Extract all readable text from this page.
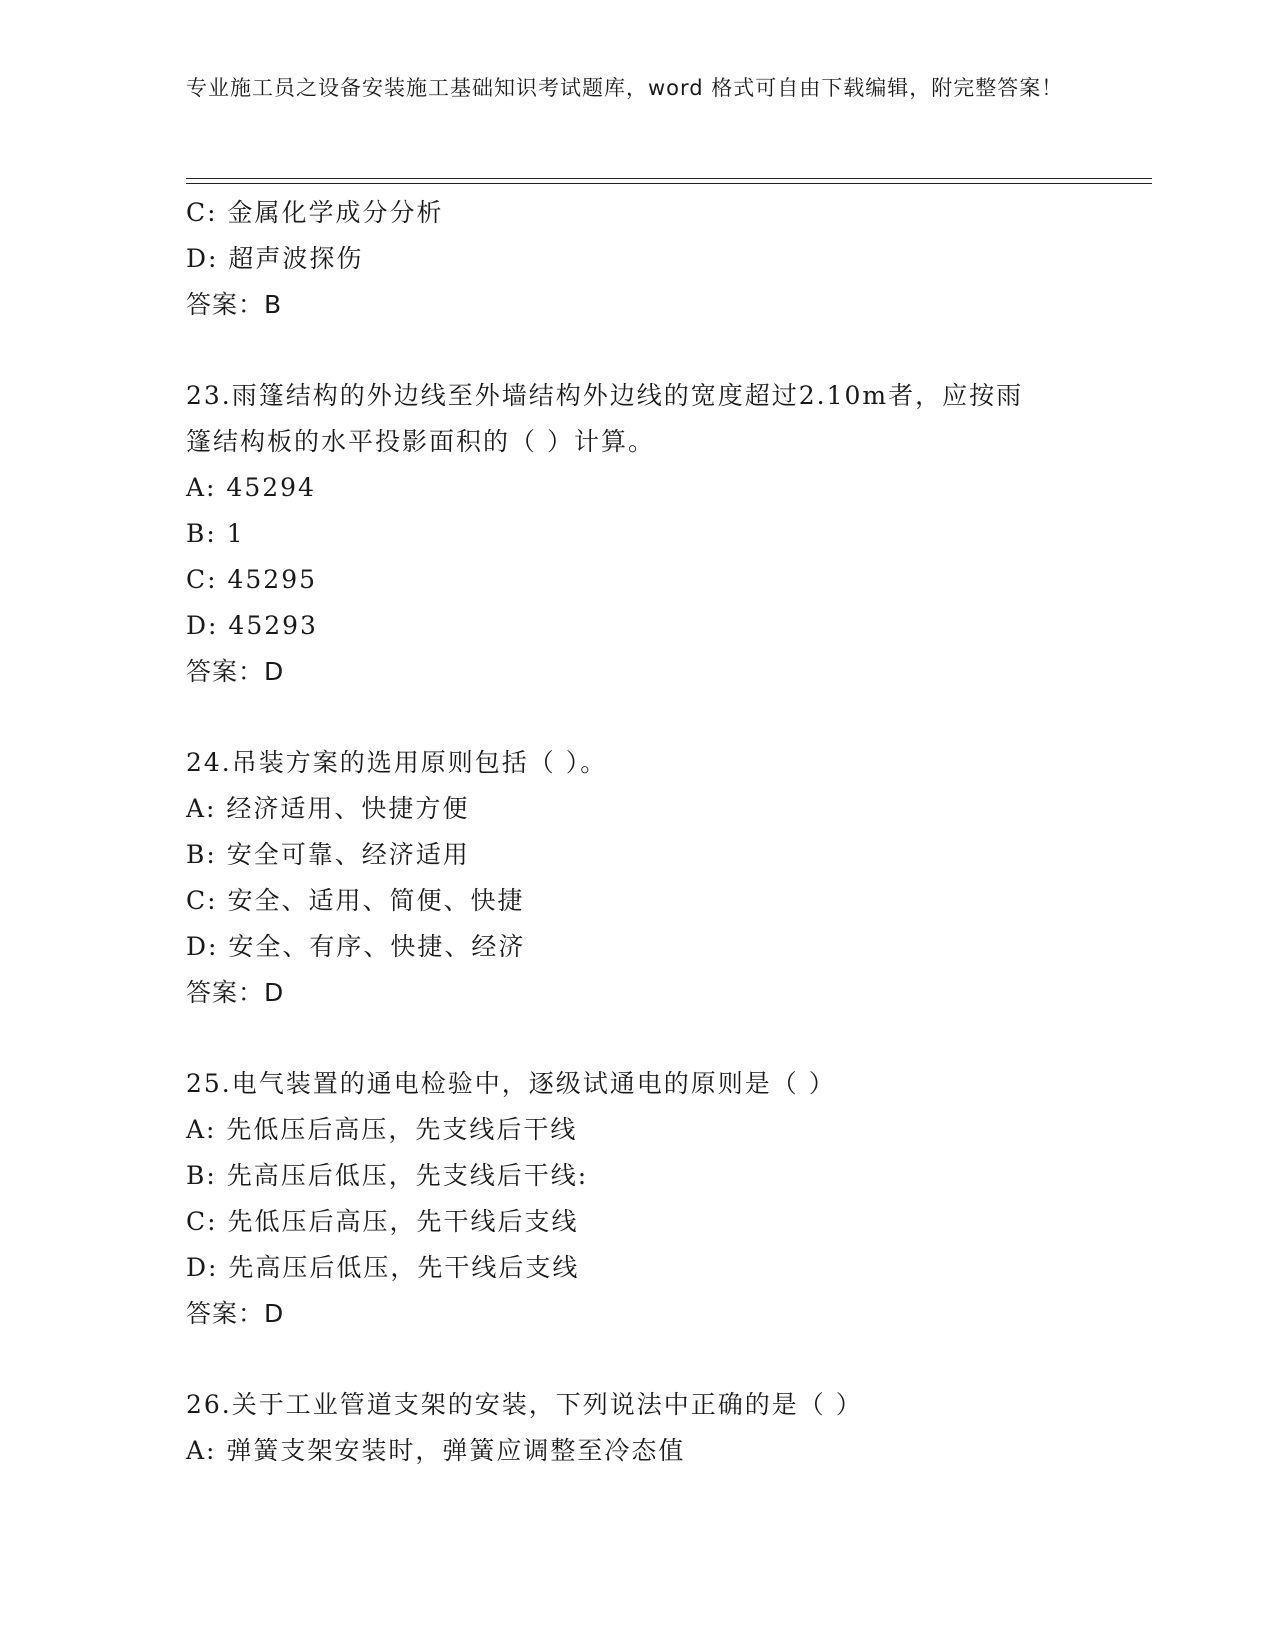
专业施工员之设备安装施工基础知识考试题库，word 格式可自由下载编辑，附完整答案！
C: 金属化学成分分析
D: 超声波探伤
答案：B
23.雨篷结构的外边线至外墙结构外边线的宽度超过2.10m者，应按雨
篷结构板的水平投影面积的（ ）计算。
A: 45294
B: 1
C: 45295
D: 45293
答案：D
24.吊装方案的选用原则包括（ ）。
A: 经济适用、快捷方便
B: 安全可靠、经济适用
C: 安全、适用、简便、快捷
D: 安全、有序、快捷、经济
答案：D
25.电气装置的通电检验中，逐级试通电的原则是（ ）
A: 先低压后高压，先支线后干线
B: 先高压后低压，先支线后干线:
C: 先低压后高压，先干线后支线
D: 先高压后低压，先干线后支线
答案：D
26.关于工业管道支架的安装，下列说法中正确的是（ ）
A: 弹簧支架安装时，弹簧应调整至冷态值
